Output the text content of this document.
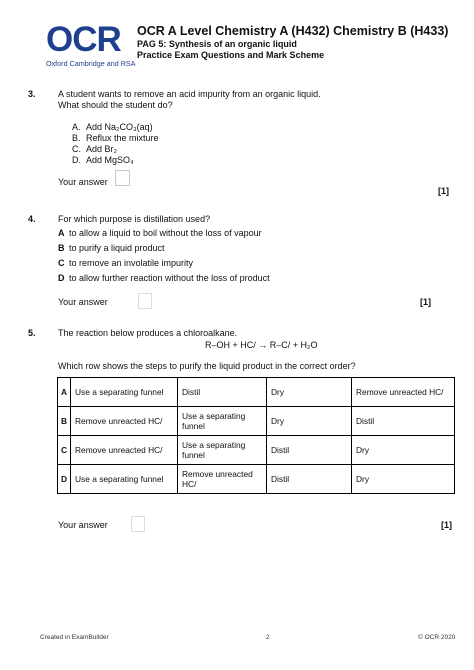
OCR
Oxford Cambridge and RSA
OCR A Level Chemistry A (H432) Chemistry B (H433)
PAG 5: Synthesis of an organic liquid
Practice Exam Questions and Mark Scheme
3. A student wants to remove an acid impurity from an organic liquid.
What should the student do?
A. Add Na₂CO₃(aq)
B. Reflux the mixture
C. Add Br₂
D. Add MgSO₄
Your answer
[1]
4. For which purpose is distillation used?
A to allow a liquid to boil without the loss of vapour
B to purify a liquid product
C to remove an involatile impurity
D to allow further reaction without the loss of product
Your answer	[1]
5. The reaction below produces a chloroalkane.
R–OH + HC/ → R–C/ + H₂O
Which row shows the steps to purify the liquid product in the correct order?
A	Use a separating funnel	Distil	Dry	Remove unreacted HC/
B	Remove unreacted HC/	Use a separating funnel	Dry	Distil
C	Remove unreacted HC/	Use a separating funnel	Distil	Dry
D	Use a separating funnel	Remove unreacted HC/	Distil	Dry
Your answer	[1]
Created in ExamBuilder	2	© OCR 2020
